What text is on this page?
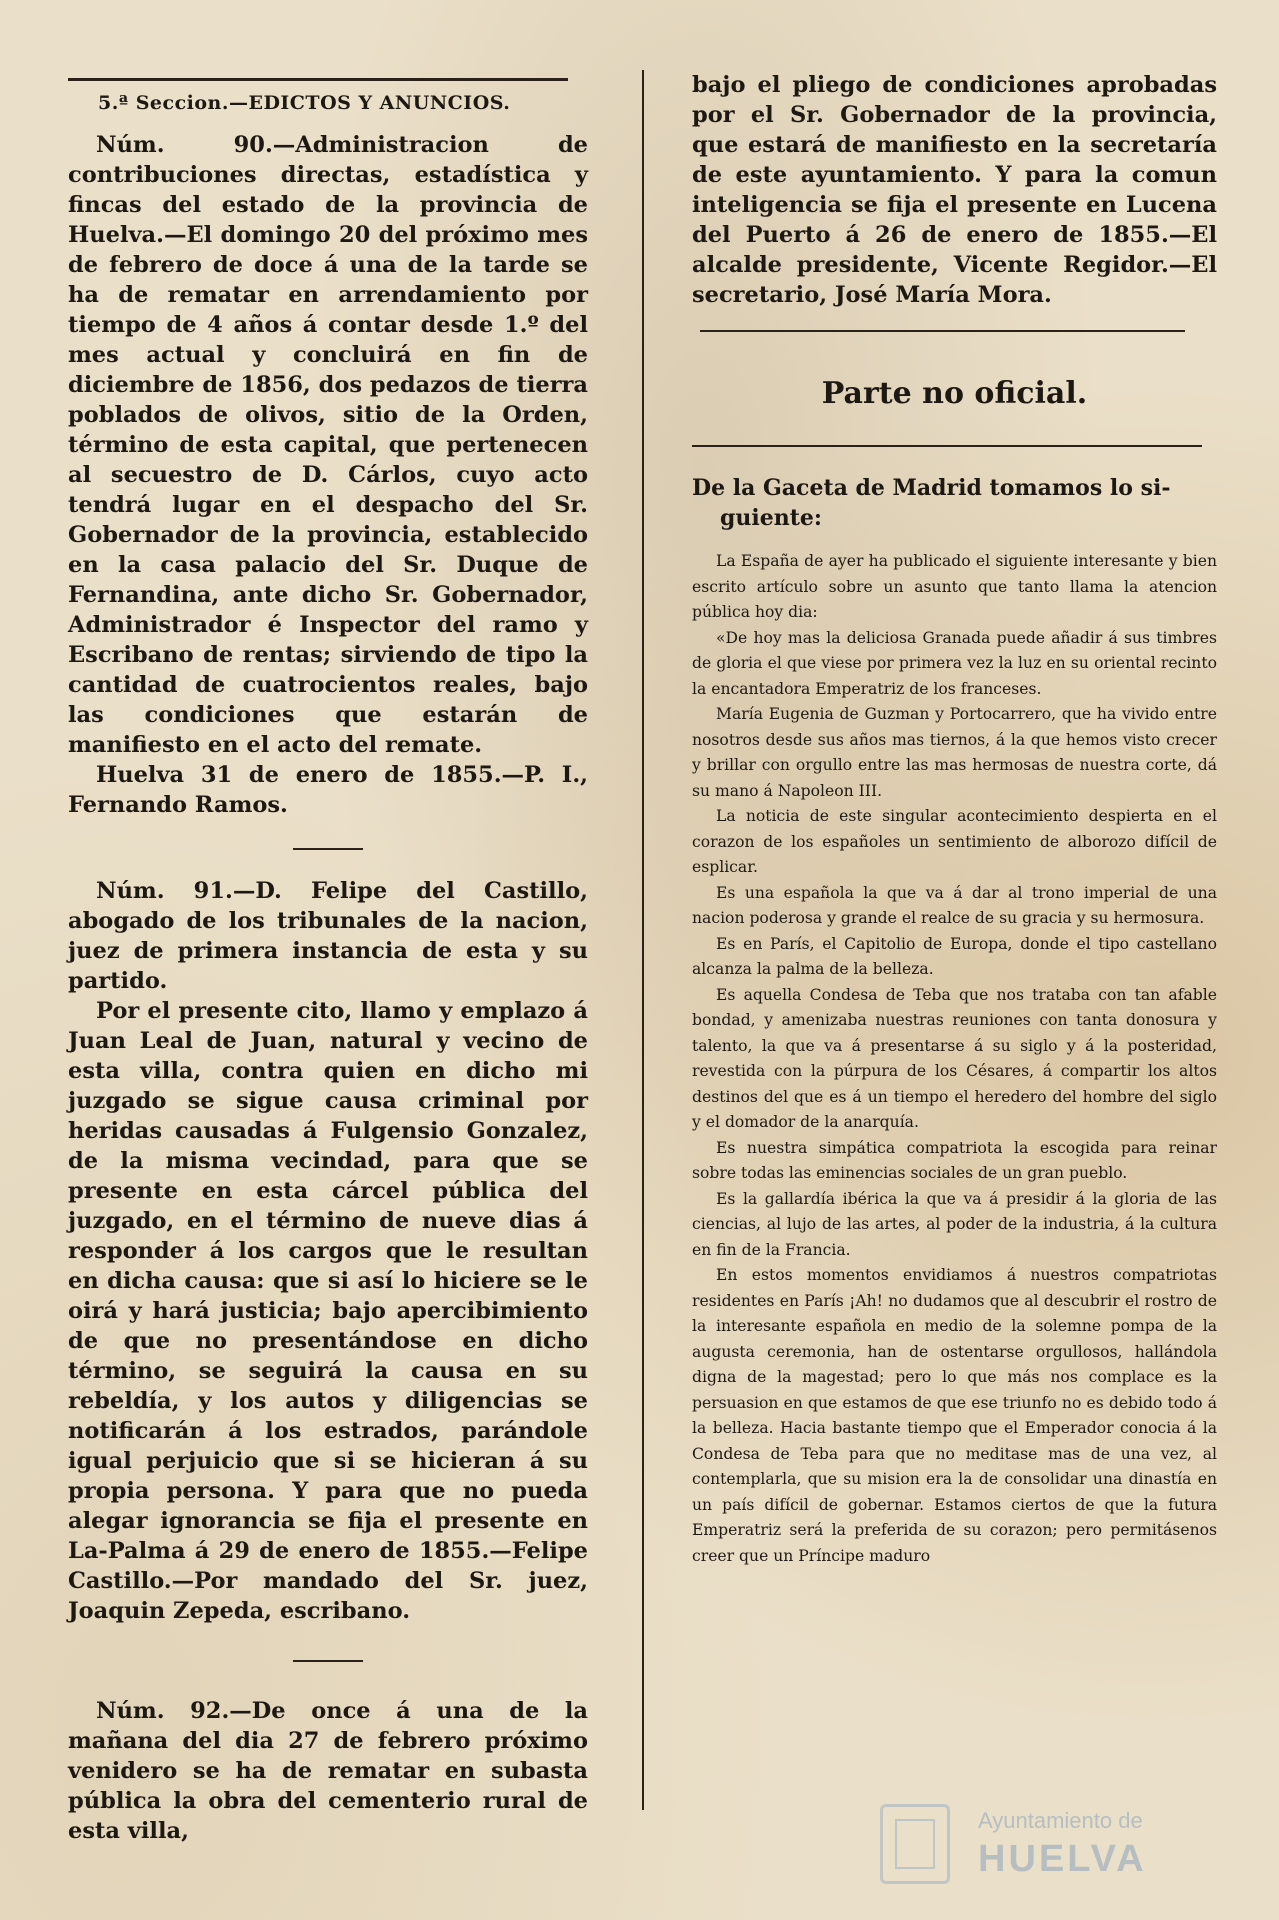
5.ª Seccion.—EDICTOS Y ANUNCIOS.

Núm. 90.—Administracion de contribuciones directas, estadística y fincas del estado de la provincia de Huelva.—El domingo 20 del próximo mes de febrero de doce á una de la tarde se ha de rematar en arrendamiento por tiempo de 4 años á contar desde 1.º del mes actual y concluirá en fin de diciembre de 1856, dos pedazos de tierra poblados de olivos, sitio de la Orden, término de esta capital, que pertenecen al secuestro de D. Cárlos, cuyo acto tendrá lugar en el despacho del Sr. Gobernador de la provincia, establecido en la casa palacio del Sr. Duque de Fernandina, ante dicho Sr. Gobernador, Administrador é Inspector del ramo y Escribano de rentas; sirviendo de tipo la cantidad de cuatrocientos reales, bajo las condiciones que estarán de manifiesto en el acto del remate.

Huelva 31 de enero de 1855.—P. I., Fernando Ramos.

Núm. 91.—D. Felipe del Castillo, abogado de los tribunales de la nacion, juez de primera instancia de esta y su partido.

Por el presente cito, llamo y emplazo á Juan Leal de Juan, natural y vecino de esta villa, contra quien en dicho mi juzgado se sigue causa criminal por heridas causadas á Fulgensio Gonzalez, de la misma vecindad, para que se presente en esta cárcel pública del juzgado, en el término de nueve dias á responder á los cargos que le resultan en dicha causa: que si así lo hiciere se le oirá y hará justicia; bajo apercibimiento de que no presentándose en dicho término, se seguirá la causa en su rebeldía, y los autos y diligencias se notificarán á los estrados, parándole igual perjuicio que si se hicieran á su propia persona. Y para que no pueda alegar ignorancia se fija el presente en La-Palma á 29 de enero de 1855.—Felipe Castillo.—Por mandado del Sr. juez, Joaquin Zepeda, escribano.

Núm. 92.—De once á una de la mañana del dia 27 de febrero próximo venidero se ha de rematar en subasta pública la obra del cementerio rural de esta villa,

bajo el pliego de condiciones aprobadas por el Sr. Gobernador de la provincia, que estará de manifiesto en la secretaría de este ayuntamiento. Y para la comun inteligencia se fija el presente en Lucena del Puerto á 26 de enero de 1855.—El alcalde presidente, Vicente Regidor.—El secretario, José María Mora.

Parte no oficial.
De la Gaceta de Madrid tomamos lo si-
guiente:

La España de ayer ha publicado el siguiente interesante y bien escrito artículo sobre un asunto que tanto llama la atencion pública hoy dia:

«De hoy mas la deliciosa Granada puede añadir á sus timbres de gloria el que viese por primera vez la luz en su oriental recinto la encantadora Emperatriz de los franceses.

María Eugenia de Guzman y Portocarrero, que ha vivido entre nosotros desde sus años mas tiernos, á la que hemos visto crecer y brillar con orgullo entre las mas hermosas de nuestra corte, dá su mano á Napoleon III.

La noticia de este singular acontecimiento despierta en el corazon de los españoles un sentimiento de alborozo difícil de esplicar.

Es una española la que va á dar al trono imperial de una nacion poderosa y grande el realce de su gracia y su hermosura.

Es en París, el Capitolio de Europa, donde el tipo castellano alcanza la palma de la belleza.

Es aquella Condesa de Teba que nos trataba con tan afable bondad, y amenizaba nuestras reuniones con tanta donosura y talento, la que va á presentarse á su siglo y á la posteridad, revestida con la púrpura de los Césares, á compartir los altos destinos del que es á un tiempo el heredero del hombre del siglo y el domador de la anarquía.

Es nuestra simpática compatriota la escogida para reinar sobre todas las eminencias sociales de un gran pueblo.

Es la gallardía ibérica la que va á presidir á la gloria de las ciencias, al lujo de las artes, al poder de la industria, á la cultura en fin de la Francia.

En estos momentos envidiamos á nuestros compatriotas residentes en París ¡Ah! no dudamos que al descubrir el rostro de la interesante española en medio de la solemne pompa de la augusta ceremonia, han de ostentarse orgullosos, hallándola digna de la magestad; pero lo que más nos complace es la persuasion en que estamos de que ese triunfo no es debido todo á la belleza. Hacia bastante tiempo que el Emperador conocia á la Condesa de Teba para que no meditase mas de una vez, al contemplarla, que su mision era la de consolidar una dinastía en un país difícil de gobernar. Estamos ciertos de que la futura Emperatriz será la preferida de su corazon; pero permitásenos creer que un Príncipe maduro

Ayuntamiento de
HUELVA
